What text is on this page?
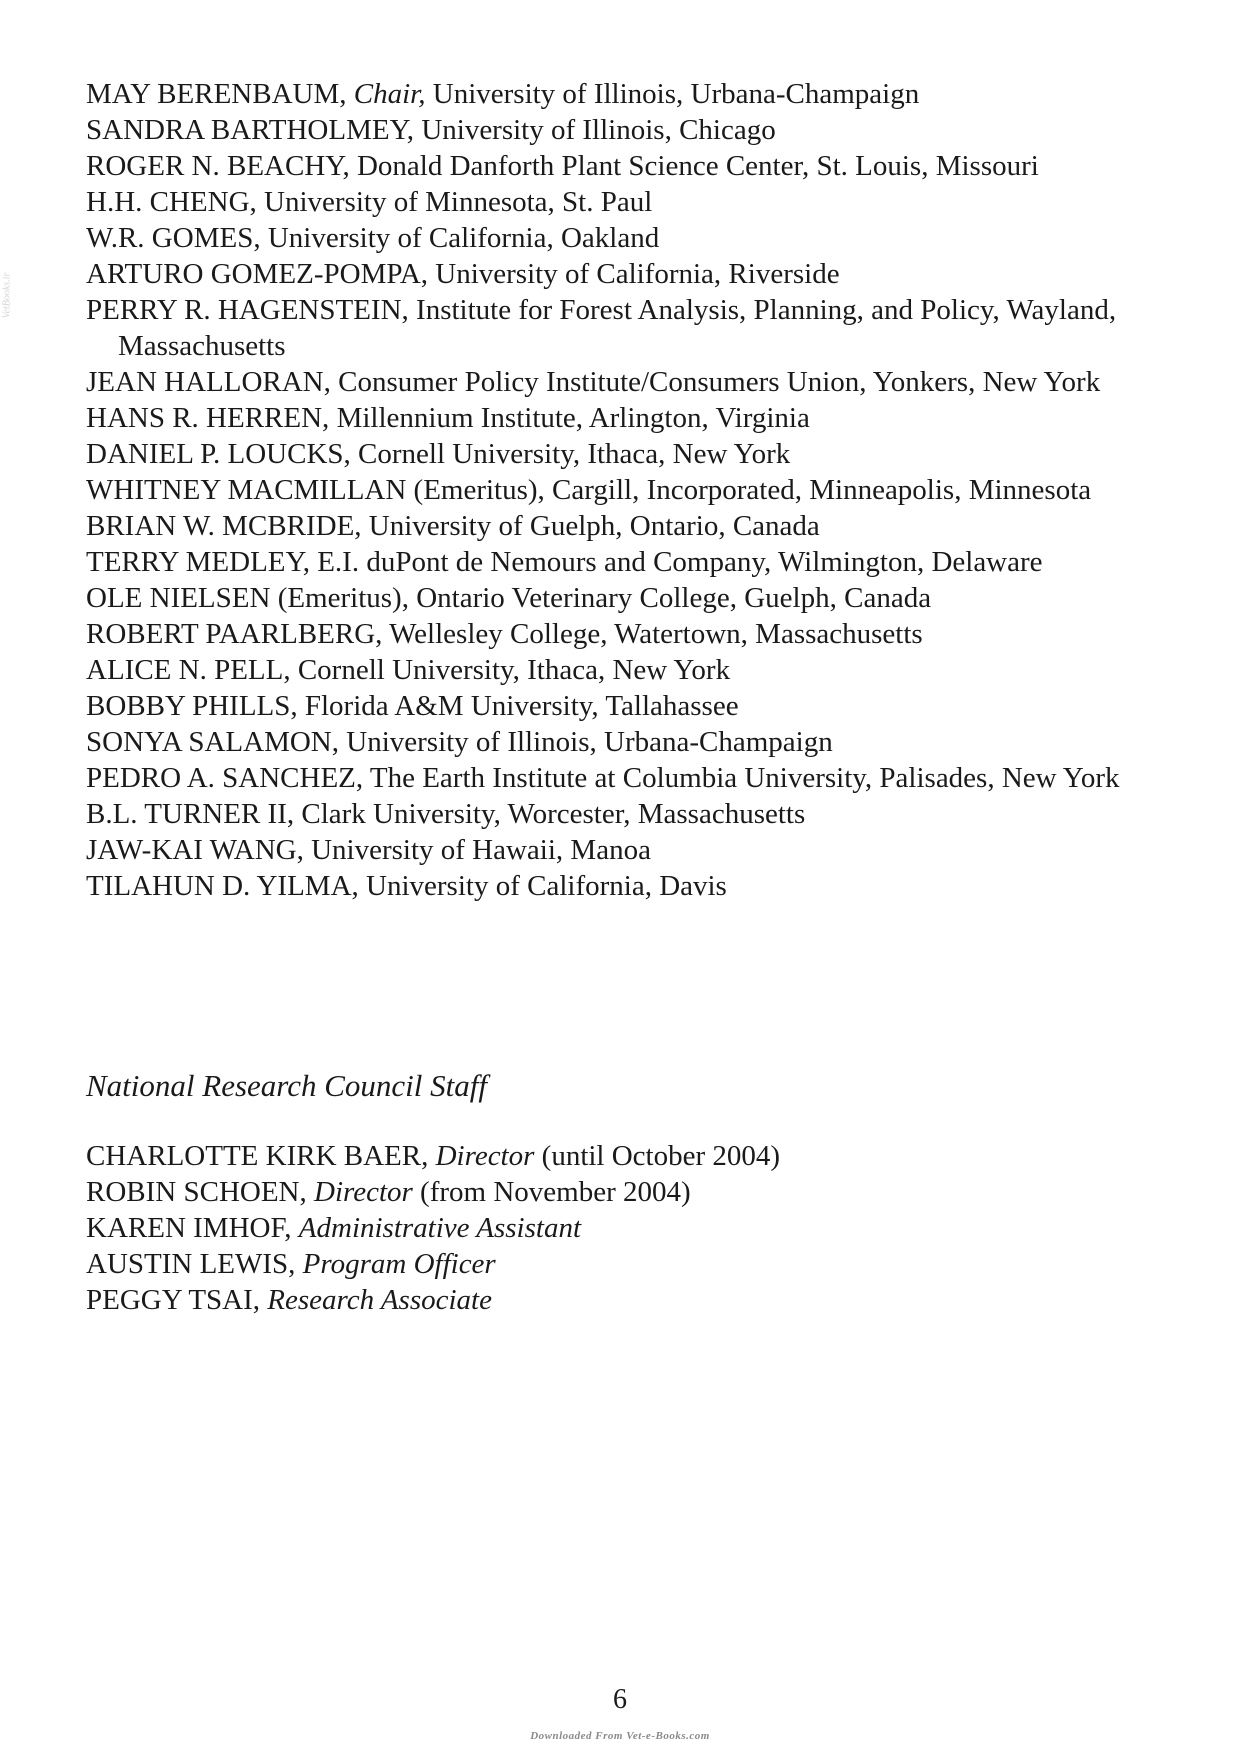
VetBooks.ir
MAY BERENBAUM, Chair, University of Illinois, Urbana-Champaign
SANDRA BARTHOLMEY, University of Illinois, Chicago
ROGER N. BEACHY, Donald Danforth Plant Science Center, St. Louis, Missouri
H.H. CHENG, University of Minnesota, St. Paul
W.R. GOMES, University of California, Oakland
ARTURO GOMEZ-POMPA, University of California, Riverside
PERRY R. HAGENSTEIN, Institute for Forest Analysis, Planning, and Policy, Wayland, Massachusetts
JEAN HALLORAN, Consumer Policy Institute/Consumers Union, Yonkers, New York
HANS R. HERREN, Millennium Institute, Arlington, Virginia
DANIEL P. LOUCKS, Cornell University, Ithaca, New York
WHITNEY MACMILLAN (Emeritus), Cargill, Incorporated, Minneapolis, Minnesota
BRIAN W. MCBRIDE, University of Guelph, Ontario, Canada
TERRY MEDLEY, E.I. duPont de Nemours and Company, Wilmington, Delaware
OLE NIELSEN (Emeritus), Ontario Veterinary College, Guelph, Canada
ROBERT PAARLBERG, Wellesley College, Watertown, Massachusetts
ALICE N. PELL, Cornell University, Ithaca, New York
BOBBY PHILLS, Florida A&M University, Tallahassee
SONYA SALAMON, University of Illinois, Urbana-Champaign
PEDRO A. SANCHEZ, The Earth Institute at Columbia University, Palisades, New York
B.L. TURNER II, Clark University, Worcester, Massachusetts
JAW-KAI WANG, University of Hawaii, Manoa
TILAHUN D. YILMA, University of California, Davis
National Research Council Staff
CHARLOTTE KIRK BAER, Director (until October 2004)
ROBIN SCHOEN, Director (from November 2004)
KAREN IMHOF, Administrative Assistant
AUSTIN LEWIS, Program Officer
PEGGY TSAI, Research Associate
6
Downloaded From Vet-e-Books.com
